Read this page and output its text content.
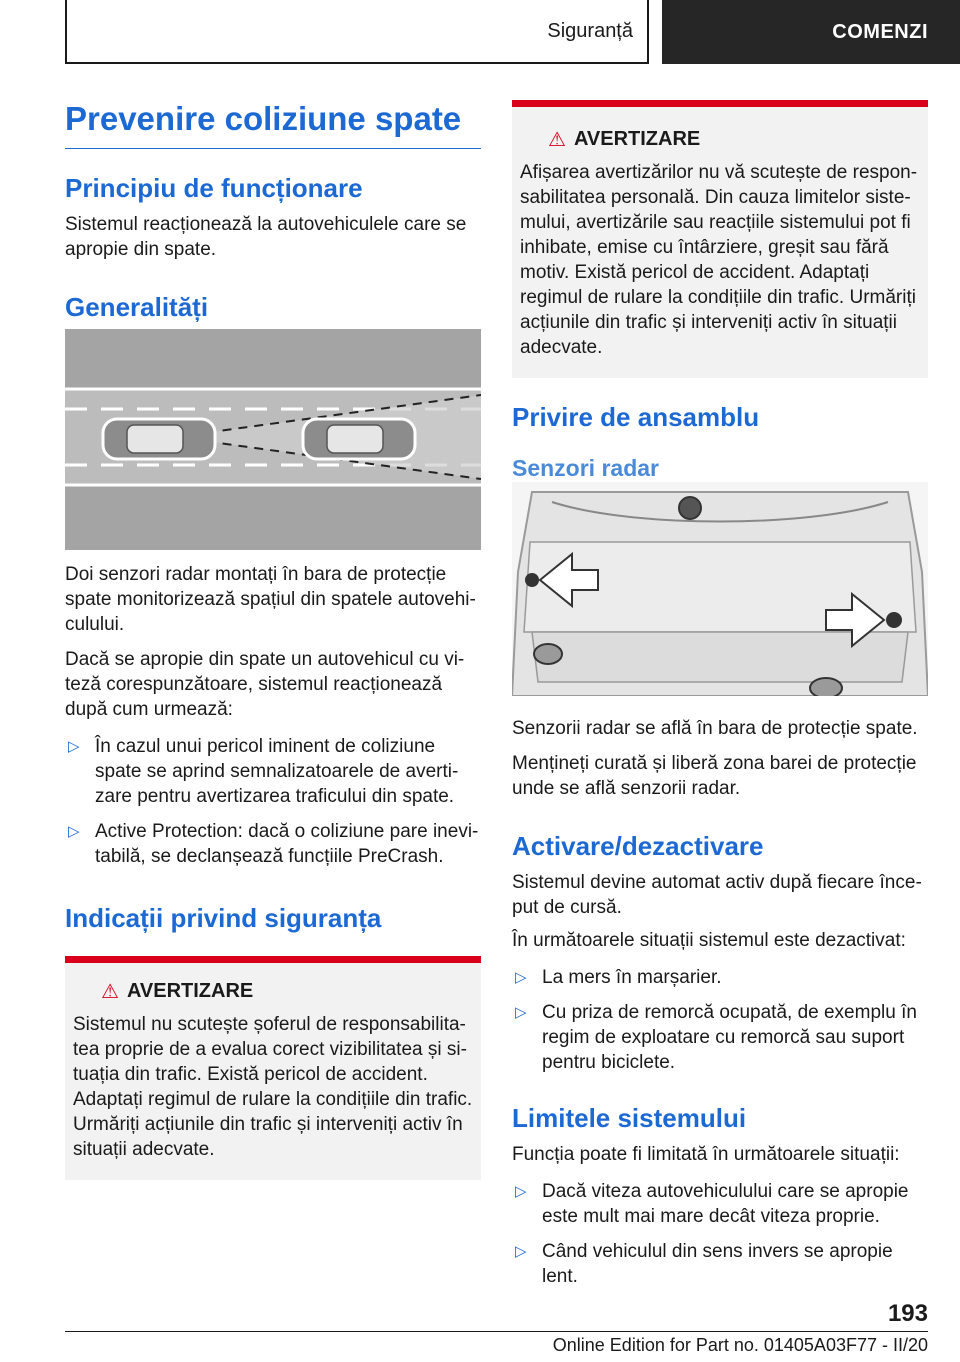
Siguranță	COMENZI
Prevenire coliziune spate
Principiu de funcționare

Sistemul reacționează la autovehiculele care se apropie din spate.

Generalități

Doi senzori radar montați în bara de protecție spate monitorizează spațiul din spatele autovehiculului.

Dacă se apropie din spate un autovehicul cu viteză corespunzătoare, sistemul reacționează după cum urmează:

▷ În cazul unui pericol iminent de coliziune spate se aprind semnalizatoarele de avertizare pentru avertizarea traficului din spate.
▷ Active Protection: dacă o coliziune pare inevitabilă, se declanșează funcțiile PreCrash.
Indicații privind siguranța
⚠ AVERTIZARE

Sistemul nu scutește șoferul de responsabilitatea proprie de a evalua corect vizibilitatea și situația din trafic. Există pericol de accident. Adaptați regimul de rulare la condițiile din trafic. Urmăriți acțiunile din trafic și interveniți activ în situații adecvate.

⚠ AVERTIZARE

Afișarea avertizărilor nu vă scutește de responsabilitatea personală. Din cauza limitelor sistemului, avertizările sau reacțiile sistemului pot fi inhibate, emise cu întârziere, greșit sau fără motiv. Există pericol de accident. Adaptați regimul de rulare la condițiile din trafic. Urmăriți acțiunile din trafic și interveniți activ în situații adecvate.

Privire de ansamblu
Senzori radar

Senzorii radar se află în bara de protecție spate.

Mențineți curată și liberă zona barei de protecție unde se află senzorii radar.

Activare/dezactivare

Sistemul devine automat activ după fiecare început de cursă.

În următoarele situații sistemul este dezactivat:

▷ La mers în marșarier.
▷ Cu priza de remorcă ocupată, de exemplu în regim de exploatare cu remorcă sau suport pentru biciclete.
Limitele sistemului

Funcția poate fi limitată în următoarele situații:

▷ Dacă viteza autovehiculului care se apropie este mult mai mare decât viteza proprie.
▷ Când vehiculul din sens invers se apropie lent.
193
Online Edition for Part no. 01405A03F77 - II/20
